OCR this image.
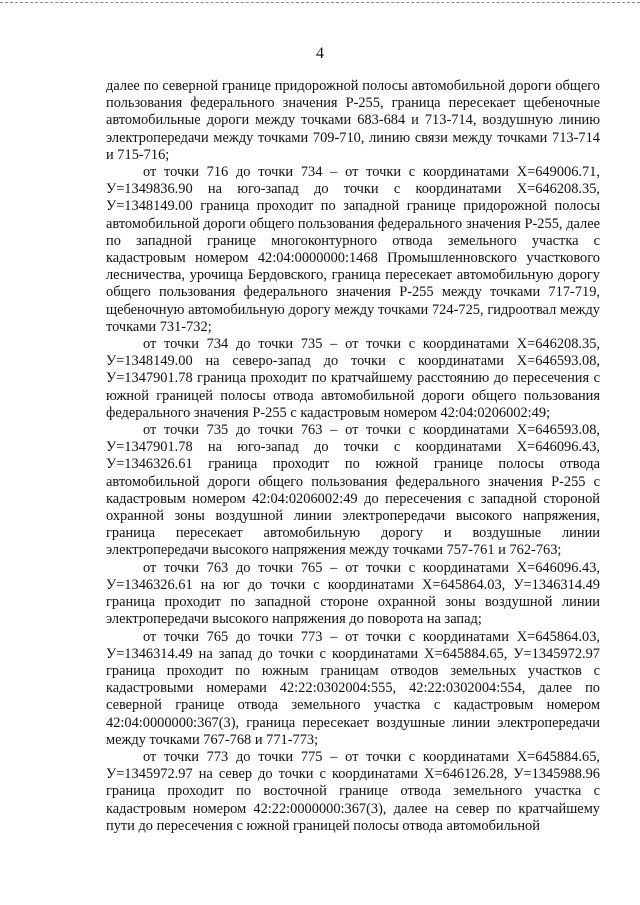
4

далее по северной границе придорожной полосы автомобильной дороги общего пользования федерального значения Р-255, граница пересекает щебеночные автомобильные дороги между точками 683-684 и 713-714, воздушную линию электропередачи между точками 709-710, линию связи между точками 713-714 и 715-716;

от точки 716 до точки 734 – от точки с координатами X=649006.71, У=1349836.90 на юго-запад до точки с координатами X=646208.35, У=1348149.00 граница проходит по западной границе придорожной полосы автомобильной дороги общего пользования федерального значения Р-255, далее по западной границе многоконтурного отвода земельного участка с кадастровым номером 42:04:0000000:1468 Промышленновского участкового лесничества, урочища Бердовского, граница пересекает автомобильную дорогу общего пользования федерального значения Р-255 между точками 717-719, щебеночную автомобильную дорогу между точками 724-725, гидроотвал между точками 731-732;

от точки 734 до точки 735 – от точки с координатами X=646208.35, У=1348149.00 на северо-запад до точки с координатами X=646593.08, У=1347901.78 граница проходит по кратчайшему расстоянию до пересечения с южной границей полосы отвода автомобильной дороги общего пользования федерального значения Р-255 с кадастровым номером 42:04:0206002:49;

от точки 735 до точки 763 – от точки с координатами X=646593.08, У=1347901.78 на юго-запад до точки с координатами X=646096.43, У=1346326.61 граница проходит по южной границе полосы отвода автомобильной дороги общего пользования федерального значения Р-255 с кадастровым номером 42:04:0206002:49 до пересечения с западной стороной охранной зоны воздушной линии электропередачи высокого напряжения, граница пересекает автомобильную дорогу и воздушные линии электропередачи высокого напряжения между точками 757-761 и 762-763;

от точки 763 до точки 765 – от точки с координатами X=646096.43, У=1346326.61 на юг до точки с координатами X=645864.03, У=1346314.49 граница проходит по западной стороне охранной зоны воздушной линии электропередачи высокого напряжения до поворота на запад;

от точки 765 до точки 773 – от точки с координатами X=645864.03, У=1346314.49 на запад до точки с координатами X=645884.65, У=1345972.97 граница проходит по южным границам отводов земельных участков с кадастровыми номерами 42:22:0302004:555, 42:22:0302004:554, далее по северной границе отвода земельного участка с кадастровым номером 42:04:0000000:367(3), граница пересекает воздушные линии электропередачи между точками 767-768 и 771-773;

от точки 773 до точки 775 – от точки с координатами X=645884.65, У=1345972.97 на север до точки с координатами X=646126.28, У=1345988.96 граница проходит по восточной границе отвода земельного участка с кадастровым номером 42:22:0000000:367(3), далее на север по кратчайшему пути до пересечения с южной границей полосы отвода автомобильной
